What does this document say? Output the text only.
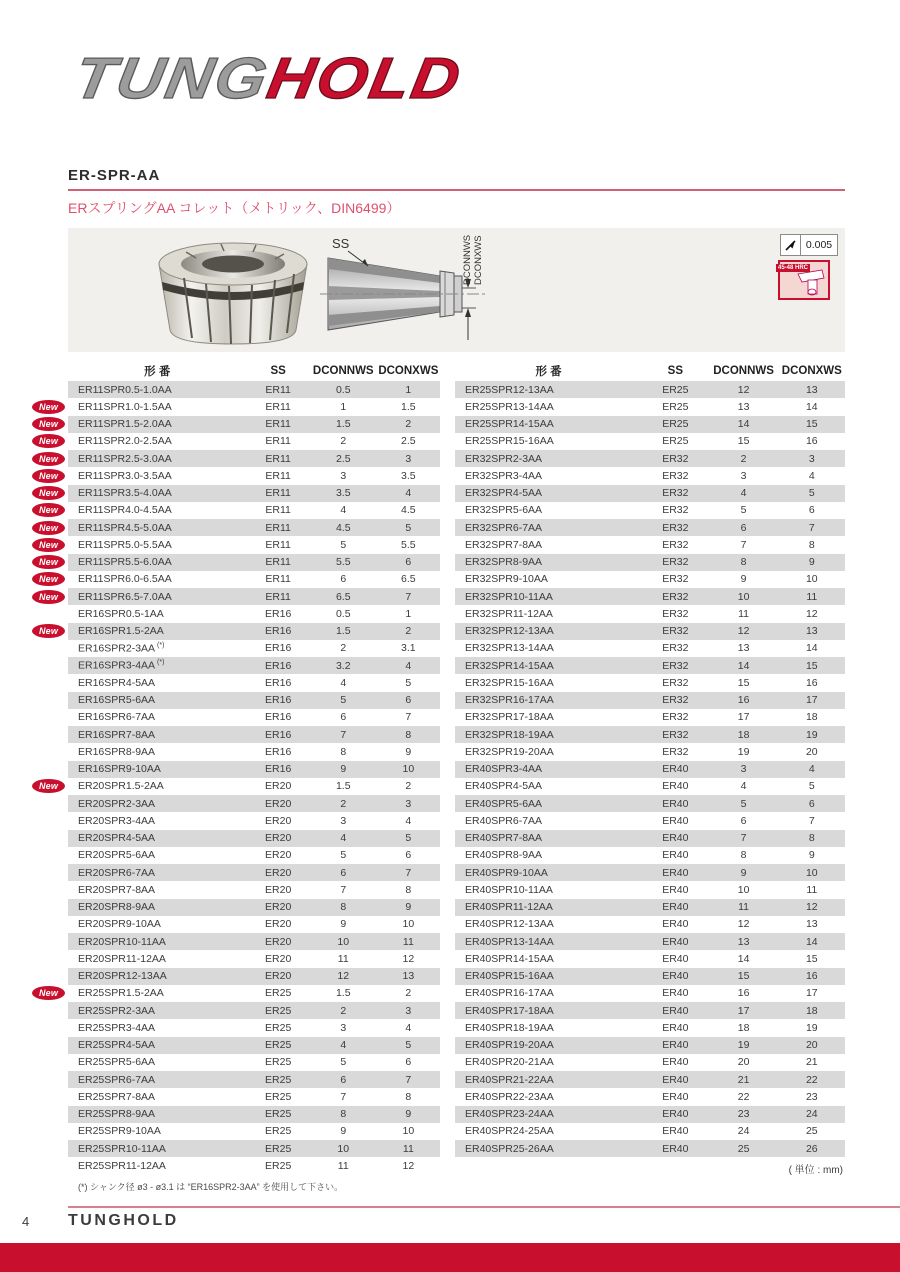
TUNGHOLD
ER-SPR-AA
ERスプリングAA コレット（メトリック、DIN6499）
SS	DCONNWS DCONXWS	0.005
45-48 HRC
形 番	SS	DCONNWS DCONXWS
ER11SPR0.5-1.0AA	ER11	0.5	1
New	ER11SPR1.0-1.5AA	ER11	1	1.5
New	ER11SPR1.5-2.0AA	ER11	1.5	2
New	ER11SPR2.0-2.5AA	ER11	2	2.5
New	ER11SPR2.5-3.0AA	ER11	2.5	3
New	ER11SPR3.0-3.5AA	ER11	3	3.5
New	ER11SPR3.5-4.0AA	ER11	3.5	4
New	ER11SPR4.0-4.5AA	ER11	4	4.5
New	ER11SPR4.5-5.0AA	ER11	4.5	5
New	ER11SPR5.0-5.5AA	ER11	5	5.5
New	ER11SPR5.5-6.0AA	ER11	5.5	6
New	ER11SPR6.0-6.5AA	ER11	6	6.5
New	ER11SPR6.5-7.0AA	ER11	6.5	7
ER16SPR0.5-1AA	ER16	0.5	1
New	ER16SPR1.5-2AA	ER16	1.5	2
ER16SPR2-3AA (*)	ER16	2	3.1
ER16SPR3-4AA (*)	ER16	3.2	4
ER16SPR4-5AA	ER16	4	5
ER16SPR5-6AA	ER16	5	6
ER16SPR6-7AA	ER16	6	7
ER16SPR7-8AA	ER16	7	8
ER16SPR8-9AA	ER16	8	9
ER16SPR9-10AA	ER16	9	10
New	ER20SPR1.5-2AA	ER20	1.5	2
ER20SPR2-3AA	ER20	2	3
ER20SPR3-4AA	ER20	3	4
ER20SPR4-5AA	ER20	4	5
ER20SPR5-6AA	ER20	5	6
ER20SPR6-7AA	ER20	6	7
ER20SPR7-8AA	ER20	7	8
ER20SPR8-9AA	ER20	8	9
ER20SPR9-10AA	ER20	9	10
ER20SPR10-11AA	ER20	10	11
ER20SPR11-12AA	ER20	11	12
ER20SPR12-13AA	ER20	12	13
New	ER25SPR1.5-2AA	ER25	1.5	2
ER25SPR2-3AA	ER25	2	3
ER25SPR3-4AA	ER25	3	4
ER25SPR4-5AA	ER25	4	5
ER25SPR5-6AA	ER25	5	6
ER25SPR6-7AA	ER25	6	7
ER25SPR7-8AA	ER25	7	8
ER25SPR8-9AA	ER25	8	9
ER25SPR9-10AA	ER25	9	10
ER25SPR10-11AA	ER25	10	11
ER25SPR11-12AA	ER25	11	12
(*) シャンク径 ø3 - ø3.1 は “ER16SPR2-3AA” を使用して下さい。
形 番	SS	DCONNWS DCONXWS
ER25SPR12-13AA	ER25	12	13
ER25SPR13-14AA	ER25	13	14
ER25SPR14-15AA	ER25	14	15
ER25SPR15-16AA	ER25	15	16
ER32SPR2-3AA	ER32	2	3
ER32SPR3-4AA	ER32	3	4
ER32SPR4-5AA	ER32	4	5
ER32SPR5-6AA	ER32	5	6
ER32SPR6-7AA	ER32	6	7
ER32SPR7-8AA	ER32	7	8
ER32SPR8-9AA	ER32	8	9
ER32SPR9-10AA	ER32	9	10
ER32SPR10-11AA	ER32	10	11
ER32SPR11-12AA	ER32	11	12
ER32SPR12-13AA	ER32	12	13
ER32SPR13-14AA	ER32	13	14
ER32SPR14-15AA	ER32	14	15
ER32SPR15-16AA	ER32	15	16
ER32SPR16-17AA	ER32	16	17
ER32SPR17-18AA	ER32	17	18
ER32SPR18-19AA	ER32	18	19
ER32SPR19-20AA	ER32	19	20
ER40SPR3-4AA	ER40	3	4
ER40SPR4-5AA	ER40	4	5
ER40SPR5-6AA	ER40	5	6
ER40SPR6-7AA	ER40	6	7
ER40SPR7-8AA	ER40	7	8
ER40SPR8-9AA	ER40	8	9
ER40SPR9-10AA	ER40	9	10
ER40SPR10-11AA	ER40	10	11
ER40SPR11-12AA	ER40	11	12
ER40SPR12-13AA	ER40	12	13
ER40SPR13-14AA	ER40	13	14
ER40SPR14-15AA	ER40	14	15
ER40SPR15-16AA	ER40	15	16
ER40SPR16-17AA	ER40	16	17
ER40SPR17-18AA	ER40	17	18
ER40SPR18-19AA	ER40	18	19
ER40SPR19-20AA	ER40	19	20
ER40SPR20-21AA	ER40	20	21
ER40SPR21-22AA	ER40	21	22
ER40SPR22-23AA	ER40	22	23
ER40SPR23-24AA	ER40	23	24
ER40SPR24-25AA	ER40	24	25
ER40SPR25-26AA	ER40	25	26
( 単位 : mm)
4 TUNGHOLD
